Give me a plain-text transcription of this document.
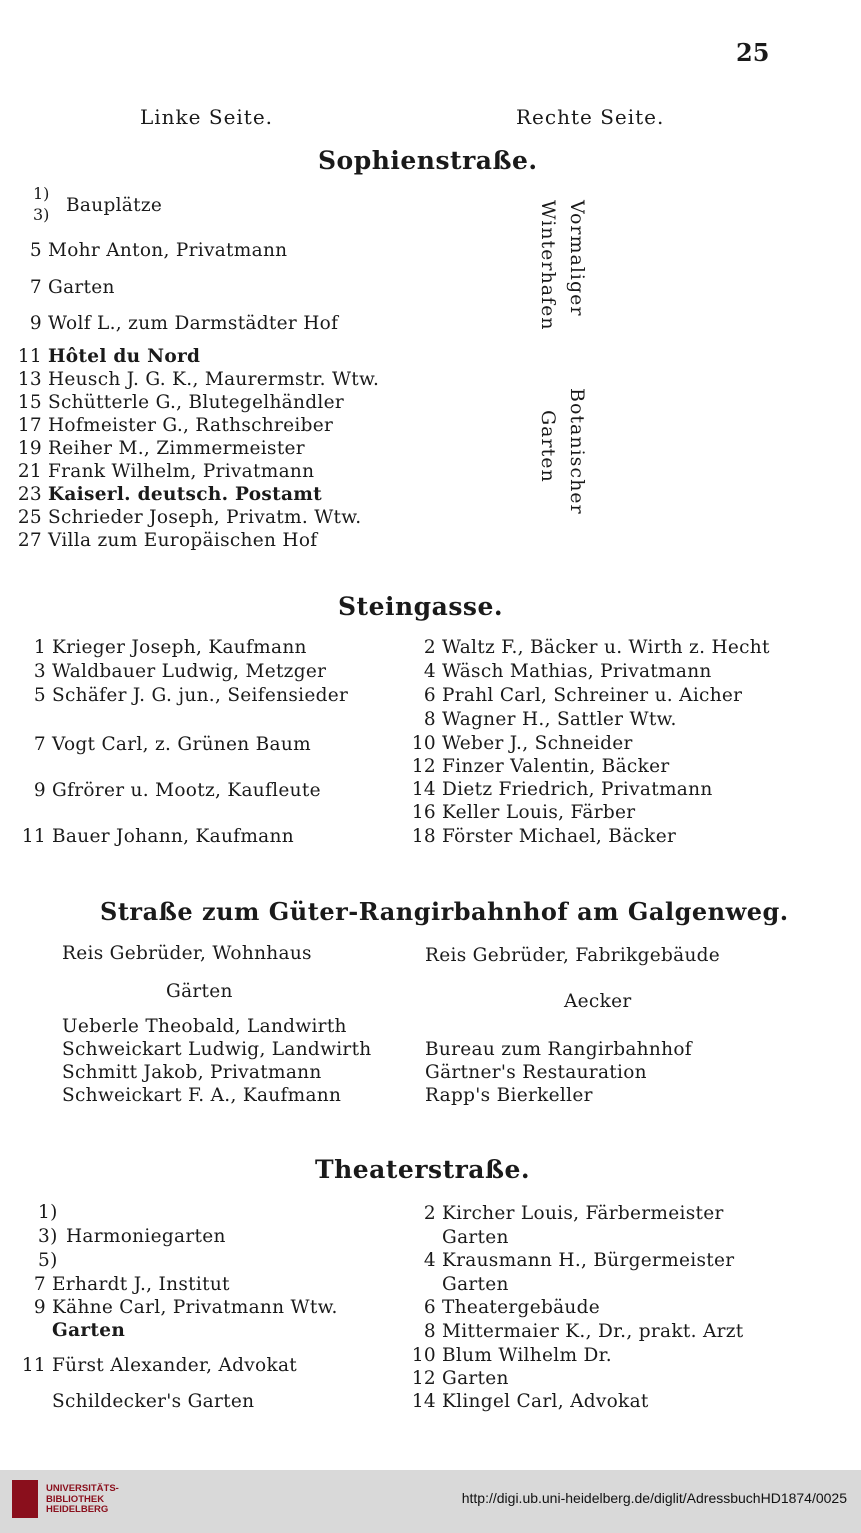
25
Linke Seite.	Rechte Seite.
Sophienstraße.
1)
3) Bauplätze
5 Mohr Anton, Privatmann
7 Garten
9 Wolf L., zum Darmstädter Hof
11 Hôtel du Nord
13 Heusch J. G. K., Maurermstr. Wtw.
15 Schütterle G., Blutegelhändler
17 Hofmeister G., Rathschreiber
19 Reiher M., Zimmermeister
21 Frank Wilhelm, Privatmann
23 Kaiserl. deutsch. Postamt
25 Schrieder Joseph, Privatm. Wtw.
27 Villa zum Europäischen Hof
Vormaliger
Winterhafen
Botanischer
Garten
Steingasse.
1 Krieger Joseph, Kaufmann
3 Waldbauer Ludwig, Metzger
5 Schäfer J. G. jun., Seifensieder
7 Vogt Carl, z. Grünen Baum
9 Gfrörer u. Mootz, Kaufleute
11 Bauer Johann, Kaufmann
2 Waltz F., Bäcker u. Wirth z. Hecht
4 Wäsch Mathias, Privatmann
6 Prahl Carl, Schreiner u. Aicher
8 Wagner H., Sattler Wtw.
10 Weber J., Schneider
12 Finzer Valentin, Bäcker
14 Dietz Friedrich, Privatmann
16 Keller Louis, Färber
18 Förster Michael, Bäcker
Straße zum Güter-Rangirbahnhof am Galgenweg.
Reis Gebrüder, Wohnhaus
Gärten
Ueberle Theobald, Landwirth
Schweickart Ludwig, Landwirth
Schmitt Jakob, Privatmann
Schweickart F. A., Kaufmann
Reis Gebrüder, Fabrikgebäude
Aecker
Bureau zum Rangirbahnhof
Gärtner's Restauration
Rapp's Bierkeller
Theaterstraße.
1)
3)
5)
Harmoniegarten
7 Erhardt J., Institut
9 Kähne Carl, Privatmann Wtw.
Garten
11 Fürst Alexander, Advokat
Schildecker's Garten
2 Kircher Louis, Färbermeister
Garten
4 Krausmann H., Bürgermeister
Garten
6 Theatergebäude
8 Mittermaier K., Dr., prakt. Arzt
10 Blum Wilhelm Dr.
12 Garten
14 Klingel Carl, Advokat
UNIVERSITÄTS-
BIBLIOTHEK
HEIDELBERG
http://digi.ub.uni-heidelberg.de/diglit/AdressbuchHD1874/0025
